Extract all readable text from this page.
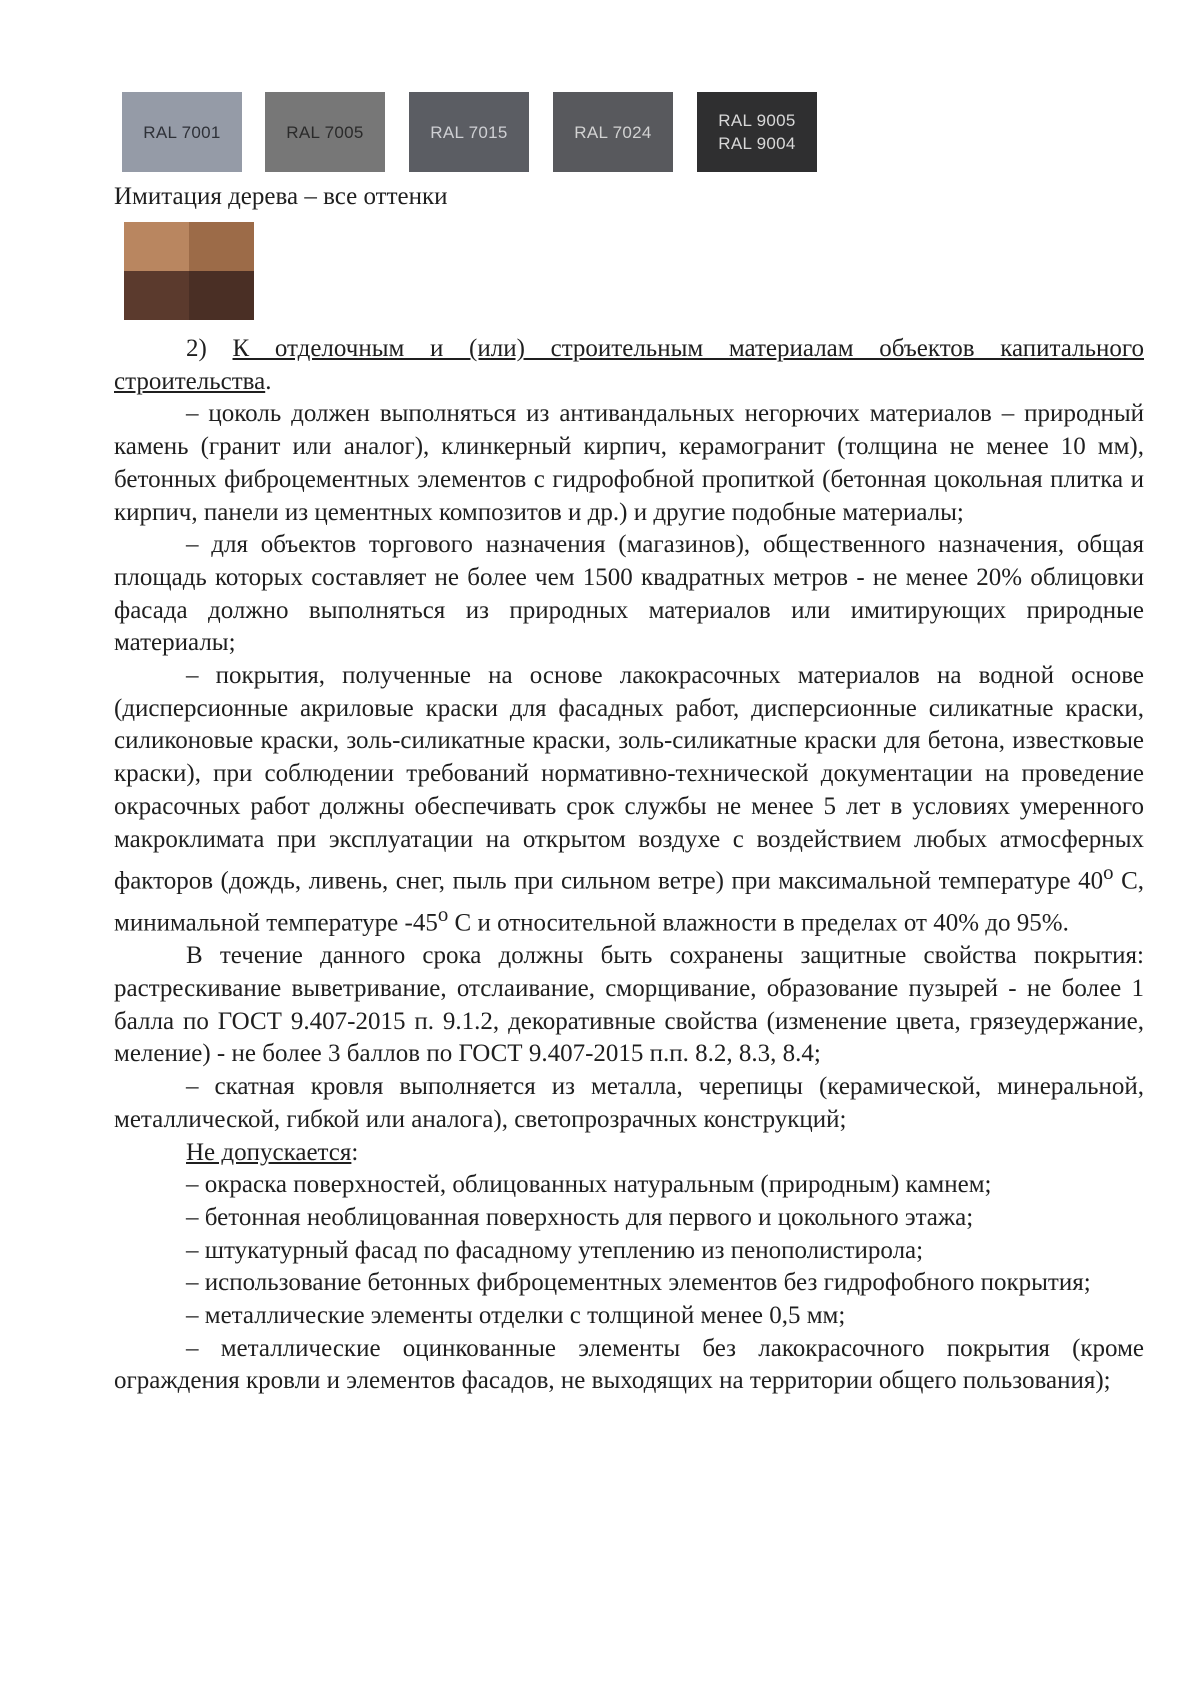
RAL 7001	RAL 7005	RAL 7015	RAL 7024
RAL 9005
RAL 9004

Имитация дерева – все оттенки

2) К отделочным и (или) строительным материалам объектов капитального строительства.

– цоколь должен выполняться из антивандальных негорючих материалов – природный камень (гранит или аналог), клинкерный кирпич, керамогранит (толщина не менее 10 мм), бетонных фиброцементных элементов с гидрофобной пропиткой (бетонная цокольная плитка и кирпич, панели из цементных композитов и др.) и другие подобные материалы;

– для объектов торгового назначения (магазинов), общественного назначения, общая площадь которых составляет не более чем 1500 квадратных метров - не менее 20% облицовки фасада должно выполняться из природных материалов или имитирующих природные материалы;

– покрытия, полученные на основе лакокрасочных материалов на водной основе (дисперсионные акриловые краски для фасадных работ, дисперсионные силикатные краски, силиконовые краски, золь-силикатные краски, золь-силикатные краски для бетона, известковые краски), при соблюдении требований нормативно-технической документации на проведение окрасочных работ должны обеспечивать срок службы не менее 5 лет в условиях умеренного макроклимата при эксплуатации на открытом воздухе с воздействием любых атмосферных факторов (дождь, ливень, снег, пыль при сильном ветре) при максимальной температуре 40$^o$ С, минимальной температуре -45$^o$ С и относительной влажности в пределах от 40% до 95%.

В течение данного срока должны быть сохранены защитные свойства покрытия: растрескивание выветривание, отслаивание, сморщивание, образование пузырей - не более 1 балла по ГОСТ 9.407-2015 п. 9.1.2, декоративные свойства (изменение цвета, грязеудержание, меление) - не более 3 баллов по ГОСТ 9.407-2015 п.п. 8.2, 8.3, 8.4;

– скатная кровля выполняется из металла, черепицы (керамической, минеральной, металлической, гибкой или аналога), светопрозрачных конструкций;

Не допускается:

– окраска поверхностей, облицованных натуральным (природным) камнем;

– бетонная необлицованная поверхность для первого и цокольного этажа;

– штукатурный фасад по фасадному утеплению из пенополистирола;

– использование бетонных фиброцементных элементов без гидрофобного покрытия;

– металлические элементы отделки с толщиной менее 0,5 мм;

– металлические оцинкованные элементы без лакокрасочного покрытия (кроме ограждения кровли и элементов фасадов, не выходящих на территории общего пользования);
